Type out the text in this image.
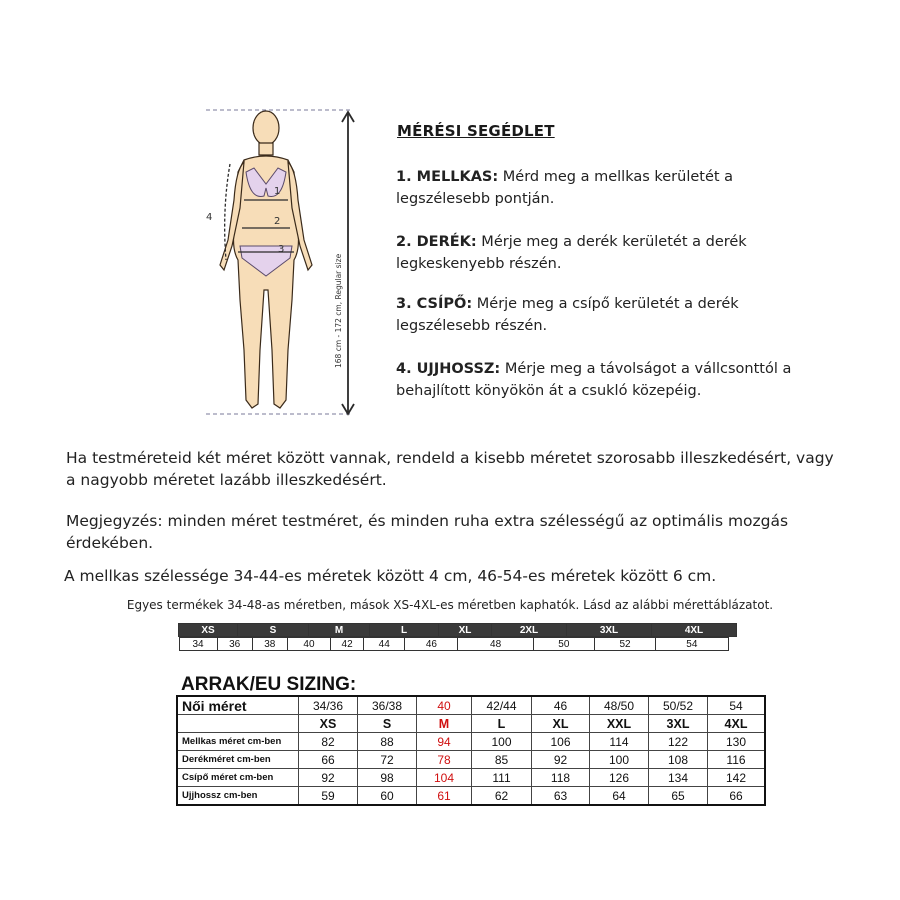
1
2
3
4
168 cm - 172 cm, Regular size
MÉRÉSI SEGÉDLET
1. MELLKAS: Mérd meg a mellkas kerületét a legszélesebb pontján.
2. DERÉK: Mérje meg a derék kerületét a derék legkeskenyebb részén.
3. CSÍPŐ: Mérje meg a csípő kerületét a derék legszélesebb részén.
4. UJJHOSSZ: Mérje meg a távolságot a vállcsonttól a behajlított könyökön át a csukló közepéig.
Ha testméreteid két méret között vannak, rendeld a kisebb méretet szorosabb illeszkedésért, vagy a nagyobb méretet lazább illeszkedésért.
Megjegyzés: minden méret testméret, és minden ruha extra szélességű az optimális mozgás érdekében.
A mellkas szélessége 34-44-es méretek között 4 cm, 46-54-es méretek között 6 cm.
Egyes termékek 34-48-as méretben, mások XS-4XL-es méretben kaphatók. Lásd az alábbi mérettáblázatot.
XS	S	M	L	XL	2XL	3XL	4XL

34	36	38	40	42	44	46	48	50	52	54
ARRAK/EU SIZING:
Női méret	34/36	36/38	40	42/44	46	48/50	50/52	54
	XS	S	M	L	XL	XXL	3XL	4XL
Mellkas méret cm-ben	82	88	94	100	106	114	122	130
Derékméret cm-ben	66	72	78	85	92	100	108	116
Csípő méret cm-ben	92	98	104	111	118	126	134	142
Ujjhossz cm-ben	59	60	61	62	63	64	65	66
